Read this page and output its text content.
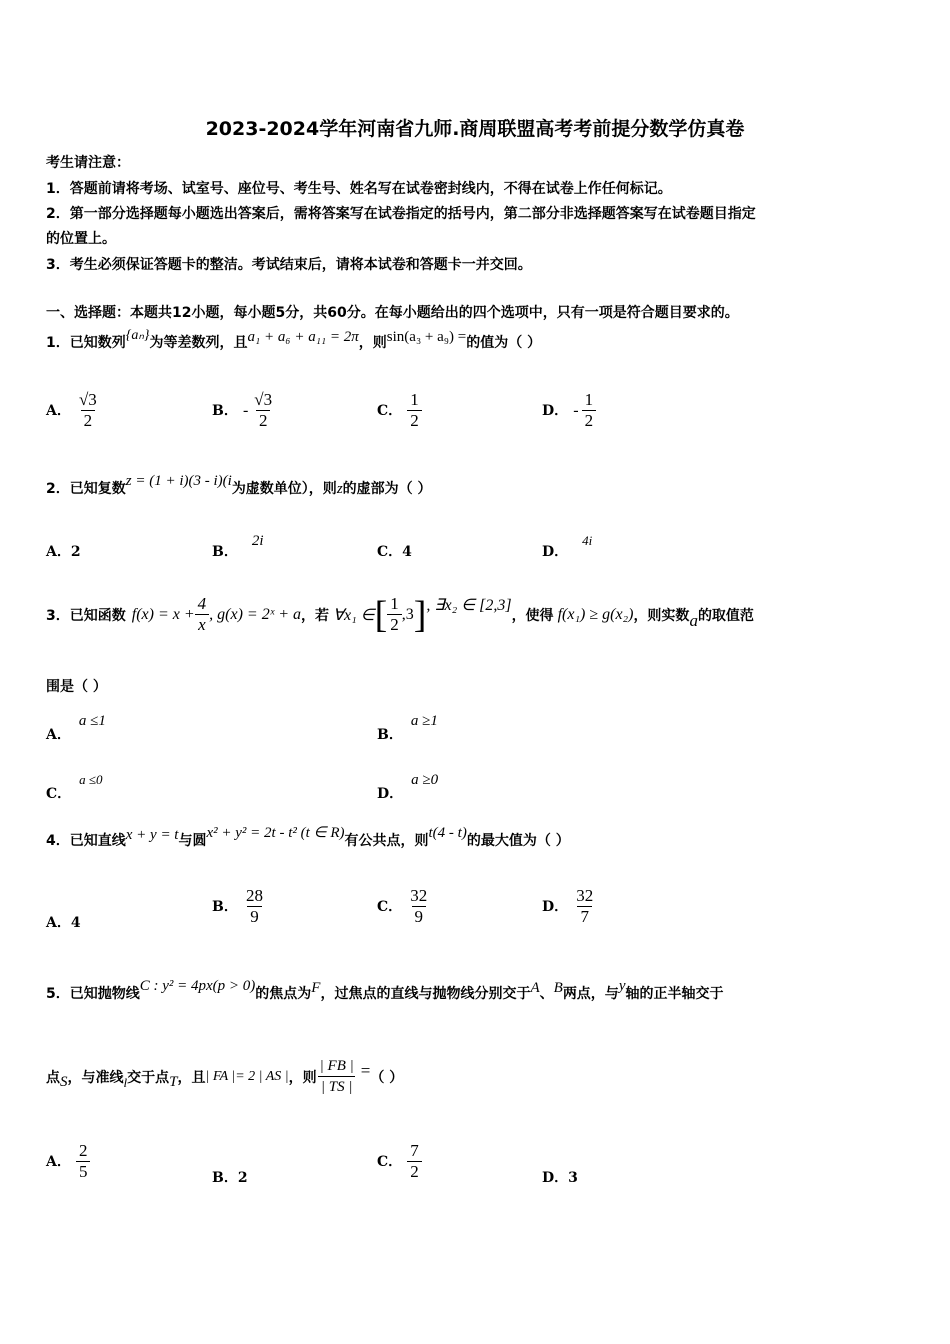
2023-2024学年河南省九师.商周联盟高考考前提分数学仿真卷
考生请注意：
1．答题前请将考场、试室号、座位号、考生号、姓名写在试卷密封线内，不得在试卷上作任何标记。
2．第一部分选择题每小题选出答案后，需将答案写在试卷指定的括号内，第二部分非选择题答案写在试卷题目指定
的位置上。
3．考生必须保证答题卡的整洁。考试结束后，请将本试卷和答题卡一并交回。
一、选择题：本题共12小题，每小题5分，共60分。在每小题给出的四个选项中，只有一项是符合题目要求的。
1．已知数列{aₙ}为等差数列，且a₁ + a₆ + a₁₁ = 2π，则sin(a₃ + a₉) =的值为（ ）
A． $\frac{√3}{2}$	B． - $\frac{√3}{2}$	C． $\frac{1}{2}$	D． - $\frac{1}{2}$
2．已知复数z = (1 + i)(3 - i)(i为虚数单位），则z的虚部为（ ）
A．2	B．2i
C．4	D．4i
3．已知函数 $f(x) = x + \frac{4}{x}$ , g(x) = 2ˣ + a ，若 ∀x₁ ∈ [ $\frac{1}{2} ,3$ ] , ∃x₂ ∈ [2,3]
，使得 f(x₁) ≥ g(x₂) ，则实数 a 的取值范
围是（ ）
A．a ≤1
B．a ≥1
C．a ≤0
D．a ≥0
4．已知直线x + y = t与圆x² + y² = 2t - t² (t ∈ R)有公共点，则t(4 - t)的最大值为（ ）
A．4
B． $\frac{28}{9}$	C． $\frac{32}{9}$	D． $\frac{32}{7}$
5．已知抛物线C : y² = 4px(p > 0)的焦点为F，过焦点的直线与抛物线分别交于A、B两点，与y轴的正半轴交于
点 S ，与准线 l 交于点 T ，且 | FA |= 2 | AS | ，则 $\frac{| FB |}{| TS |}$ = （ ）
A． $\frac{2}{5}$	B．2
C． $\frac{7}{2}$	D．3
